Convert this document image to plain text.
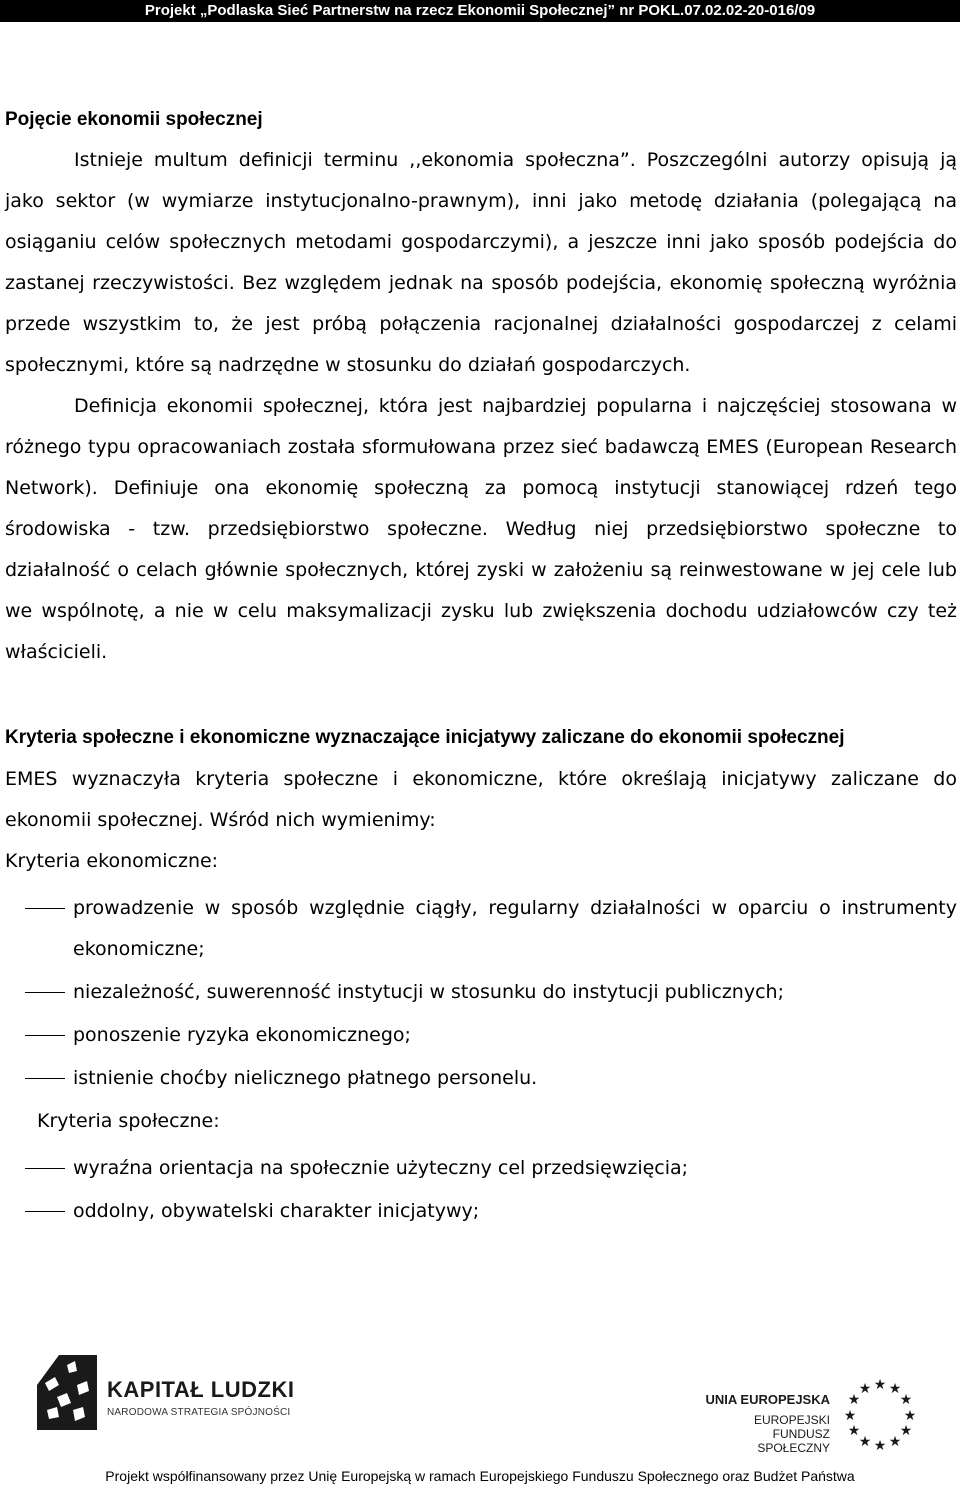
Projekt „Podlaska Sieć Partnerstw na rzecz Ekonomii Społecznej” nr POKL.07.02.02-20-016/09
Pojęcie ekonomii społecznej

Istnieje multum definicji terminu ,,ekonomia społeczna”. Poszczególni autorzy opisują ją jako sektor (w wymiarze instytucjonalno-prawnym), inni jako metodę działania (polegającą na osiąganiu celów społecznych metodami gospodarczymi), a jeszcze inni jako sposób podejścia do zastanej rzeczywistości. Bez względem jednak na sposób podejścia, ekonomię społeczną wyróżnia przede wszystkim to, że jest próbą połączenia racjonalnej działalności gospodarczej z celami społecznymi, które są nadrzędne w stosunku do działań gospodarczych.

Definicja ekonomii społecznej, która jest najbardziej popularna i najczęściej stosowana w różnego typu opracowaniach została sformułowana przez sieć badawczą EMES (European Research Network). Definiuje ona ekonomię społeczną za pomocą instytucji stanowiącej rdzeń tego środowiska - tzw. przedsiębiorstwo społeczne. Według niej przedsiębiorstwo społeczne to działalność o celach głównie społecznych, której zyski w założeniu są reinwestowane w jej cele lub we wspólnotę, a nie w celu maksymalizacji zysku lub zwiększenia dochodu udziałowców czy też właścicieli.

Kryteria społeczne i ekonomiczne wyznaczające inicjatywy zaliczane do ekonomii społecznej

EMES wyznaczyła kryteria społeczne i ekonomiczne, które określają inicjatywy zaliczane do ekonomii społecznej. Wśród nich wymienimy:

Kryteria ekonomiczne:
prowadzenie w sposób względnie ciągły, regularny działalności w oparciu o instrumenty ekonomiczne;
niezależność, suwerenność instytucji w stosunku do instytucji publicznych;
ponoszenie ryzyka ekonomicznego;
istnienie choćby nielicznego płatnego personelu.
Kryteria społeczne:
wyraźna orientacja na społecznie użyteczny cel przedsięwzięcia;
oddolny, obywatelski charakter inicjatywy;
KAPITAŁ LUDZKI
NARODOWA STRATEGIA SPÓJNOŚCI
UNIA EUROPEJSKA
EUROPEJSKI
FUNDUSZ SPOŁECZNY
★ ★
★
★
★
★
★
★
★
★
★
★
Projekt współfinansowany przez Unię Europejską w ramach Europejskiego Funduszu Społecznego oraz Budżet Państwa
